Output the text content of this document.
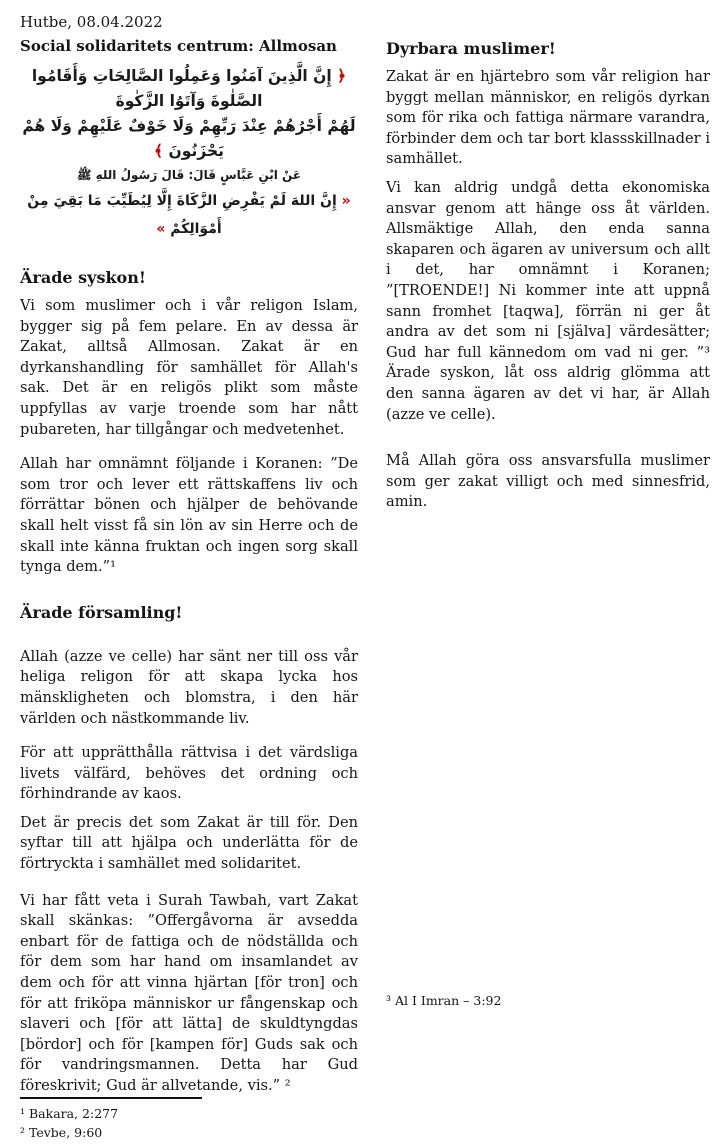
Hutbe, 08.04.2022
Social solidaritets centrum: Allmosan
﴿ إِنَّ الَّذِينَ آمَنُوا وَعَمِلُوا الصَّالِحَاتِ وَأَقَامُوا الصَّلٰوةَ وَآتَوُا الزَّكٰوةَ
لَهُمْ أَجْرُهُمْ عِنْدَ رَبِّهِمْ وَلَا خَوْفٌ عَلَيْهِمْ وَلَا هُمْ يَحْزَنُونَ ﴾
عَنْ ابْنِ عَبَّاسٍ قَالَ: قَالَ رَسُولُ اللهِ ﷺ
« إِنَّ اللهَ لَمْ يَفْرِضِ الزَّكَاةَ إِلَّا لِيُطَيِّبَ مَا بَقِيَ مِنْ أَمْوَالِكُمْ »
Ärade syskon!

Vi som muslimer och i vår religon Islam, bygger sig på fem pelare. En av dessa är Zakat, alltså Allmosan. Zakat är en dyrkanshandling för samhället för Allah's sak. Det är en religös plikt som måste uppfyllas av varje troende som har nått pubareten, har tillgångar och medvetenhet.

Allah har omnämnt följande i Koranen: ”De som tror och lever ett rättskaffens liv och förrättar bönen och hjälper de behövande skall helt visst få sin lön av sin Herre och de skall inte känna fruktan och ingen sorg skall tynga dem.”¹

Ärade församling!

Allah (azze ve celle) har sänt ner till oss vår heliga religon för att skapa lycka hos mänskligheten och blomstra, i den här världen och nästkommande liv.

För att upprätthålla rättvisa i det värdsliga livets välfärd, behöves det ordning och förhindrande av kaos.

Det är precis det som Zakat är till för. Den syftar till att hjälpa och underlätta för de förtryckta i samhället med solidaritet.

Vi har fått veta i Surah Tawbah, vart Zakat skall skänkas: ”Offergåvorna är avsedda enbart för de fattiga och de nödställda och för dem som har hand om insamlandet av dem och för att vinna hjärtan [för tron] och för att friköpa människor ur fångenskap och slaveri och [för att lätta] de skuldtyngdas [bördor] och för [kampen för] Guds sak och för vandringsmannen. Detta har Gud föreskrivit; Gud är allvetande, vis.” ²

¹ Bakara, 2:277
² Tevbe, 9:60
Dyrbara muslimer!

Zakat är en hjärtebro som vår religion har byggt mellan människor, en religös dyrkan som för rika och fattiga närmare varandra, förbinder dem och tar bort klassskillnader i samhället.

Vi kan aldrig undgå detta ekonomiska ansvar genom att hänge oss åt världen. Allsmäktige Allah, den enda sanna skaparen och ägaren av universum och allt i det, har omnämnt i Koranen; ”[TROENDE!] Ni kommer inte att uppnå sann fromhet [taqwa], förrän ni ger åt andra av det som ni [själva] värdesätter; Gud har full kännedom om vad ni ger. ”³ Ärade syskon, låt oss aldrig glömma att den sanna ägaren av det vi har, är Allah (azze ve celle).

Må Allah göra oss ansvarsfulla muslimer som ger zakat villigt och med sinnesfrid, amin.

³ Al I Imran – 3:92
